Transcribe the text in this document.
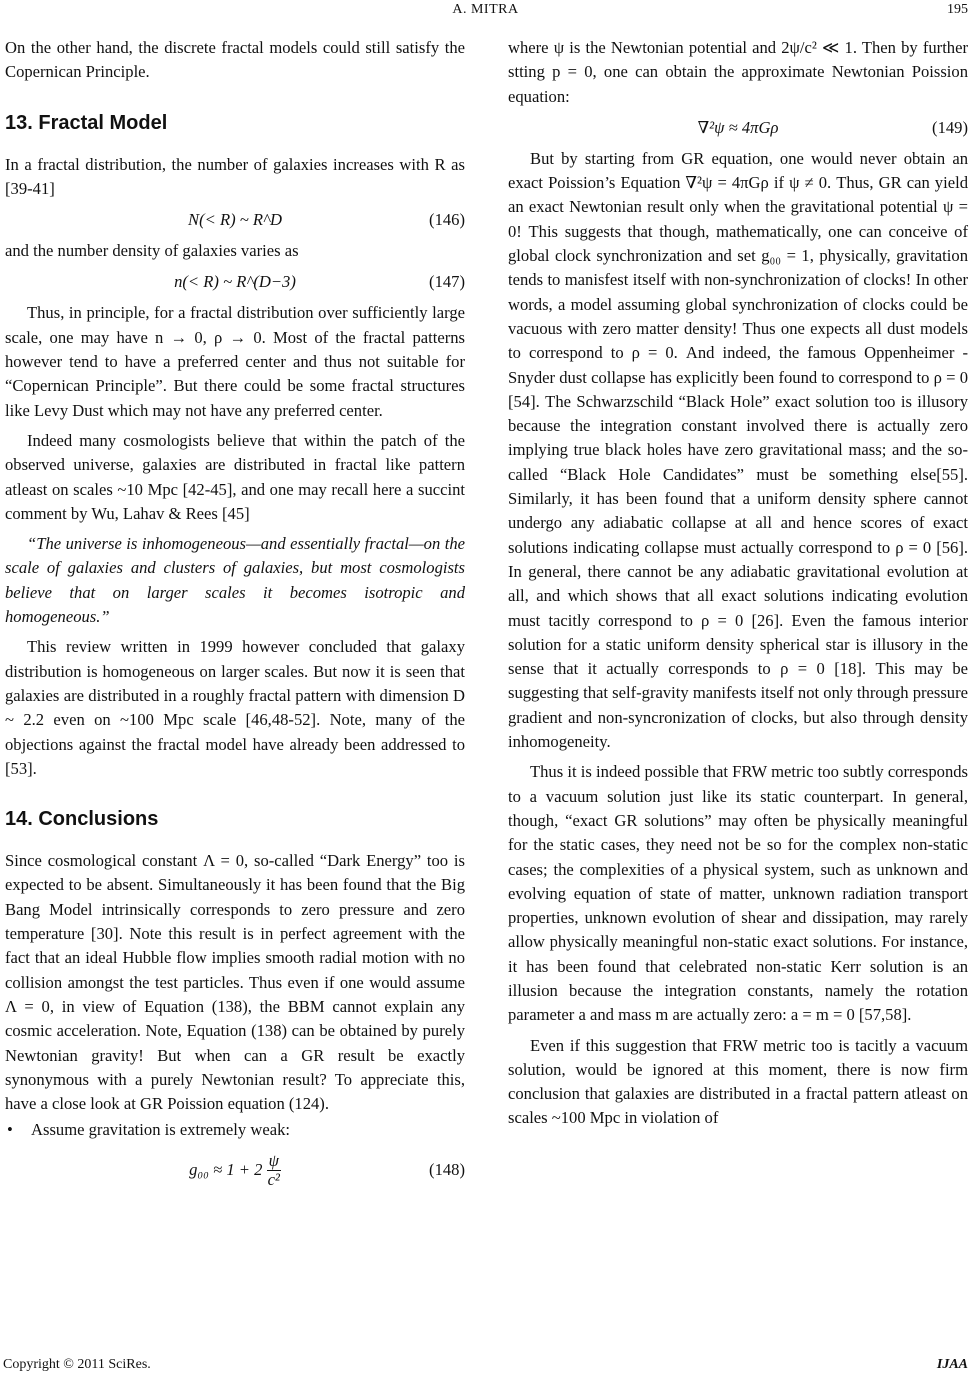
A. MITRA	195

On the other hand, the discrete fractal models could still satisfy the Copernican Principle.

13. Fractal Model

In a fractal distribution, the number of galaxies increases with R as [39-41]

N(< R) ~ R^D	(146)

and the number density of galaxies varies as

n(< R) ~ R^(D−3)	(147)

Thus, in principle, for a fractal distribution over sufficiently large scale, one may have n → 0, ρ → 0. Most of the fractal patterns however tend to have a preferred center and thus not suitable for “Copernican Principle”. But there could be some fractal structures like Levy Dust which may not have any preferred center.

Indeed many cosmologists believe that within the patch of the observed universe, galaxies are distributed in fractal like pattern atleast on scales ~10 Mpc [42-45], and one may recall here a succint comment by Wu, Lahav & Rees [45]

“The universe is inhomogeneous—and essentially fractal—on the scale of galaxies and clusters of galaxies, but most cosmologists believe that on larger scales it becomes isotropic and homogeneous.”

This review written in 1999 however concluded that galaxy distribution is homogeneous on larger scales. But now it is seen that galaxies are distributed in a roughly fractal pattern with dimension D ~ 2.2 even on ~100 Mpc scale [46,48-52]. Note, many of the objections against the fractal model have already been addressed to [53].

14. Conclusions

Since cosmological constant Λ = 0, so-called “Dark Energy” too is expected to be absent. Simultaneously it has been found that the Big Bang Model intrinsically corresponds to zero pressure and zero temperature [30]. Note this result is in perfect agreement with the fact that an ideal Hubble flow implies smooth radial motion with no collision amongst the test particles. Thus even if one would assume Λ = 0, in view of Equation (138), the BBM cannot explain any cosmic acceleration. Note, Equation (138) can be obtained by purely Newtonian gravity! But when can a GR result be exactly synonymous with a purely Newtonian result? To appreciate this, have a close look at GR Poission equation (124).

• Assume gravitation is extremely weak:
$g_{00} \approx 1 + 2 \frac{\psi}{\text{c²}}$	(148)

where ψ is the Newtonian potential and 2ψ/c² ≪ 1. Then by further stting p = 0, one can obtain the approximate Newtonian Poission equation:

∇²ψ ≈ 4πGρ	(149)

But by starting from GR equation, one would never obtain an exact Poission’s Equation ∇²ψ = 4πGρ if ψ ≠ 0. Thus, GR can yield an exact Newtonian result only when the gravitational potential ψ = 0! This suggests that though, mathematically, one can conceive of global clock synchronization and set g₀₀ = 1, physically, gravitation tends to manisfest itself with non-synchronization of clocks! In other words, a model assuming global synchronization of clocks could be vacuous with zero matter density! Thus one expects all dust models to correspond to ρ = 0. And indeed, the famous Oppenheimer -Snyder dust collapse has explicitly been found to correspond to ρ = 0 [54]. The Schwarzschild “Black Hole” exact solution too is illusory because the integration constant involved there is actually zero implying true black holes have zero gravitational mass; and the so-called “Black Hole Candidates” must be something else[55]. Similarly, it has been found that a uniform density sphere cannot undergo any adiabatic collapse at all and hence scores of exact solutions indicating collapse must actually correspond to ρ = 0 [56]. In general, there cannot be any adiabatic gravitational evolution at all, and which shows that all exact solutions indicating evolution must tacitly correspond to ρ = 0 [26]. Even the famous interior solution for a static uniform density spherical star is illusory in the sense that it actually corresponds to ρ = 0 [18]. This may be suggesting that self-gravity manifests itself not only through pressure gradient and non-syncronization of clocks, but also through density inhomogeneity.

Thus it is indeed possible that FRW metric too subtly corresponds to a vacuum solution just like its static counterpart. In general, though, “exact GR solutions” may often be physically meaningful for the static cases, they need not be so for the complex non-static cases; the complexities of a physical system, such as unknown and evolving equation of state of matter, unknown radiation transport properties, unknown evolution of shear and dissipation, may rarely allow physically meaningful non-static exact solutions. For instance, it has been found that celebrated non-static Kerr solution is an illusion because the integration constants, namely the rotation parameter a and mass m are actually zero: a = m = 0 [57,58].

Even if this suggestion that FRW metric too is tacitly a vacuum solution, would be ignored at this moment, there is now firm conclusion that galaxies are distributed in a fractal pattern atleast on scales ~100 Mpc in violation of

Copyright © 2011 SciRes.	IJAA
